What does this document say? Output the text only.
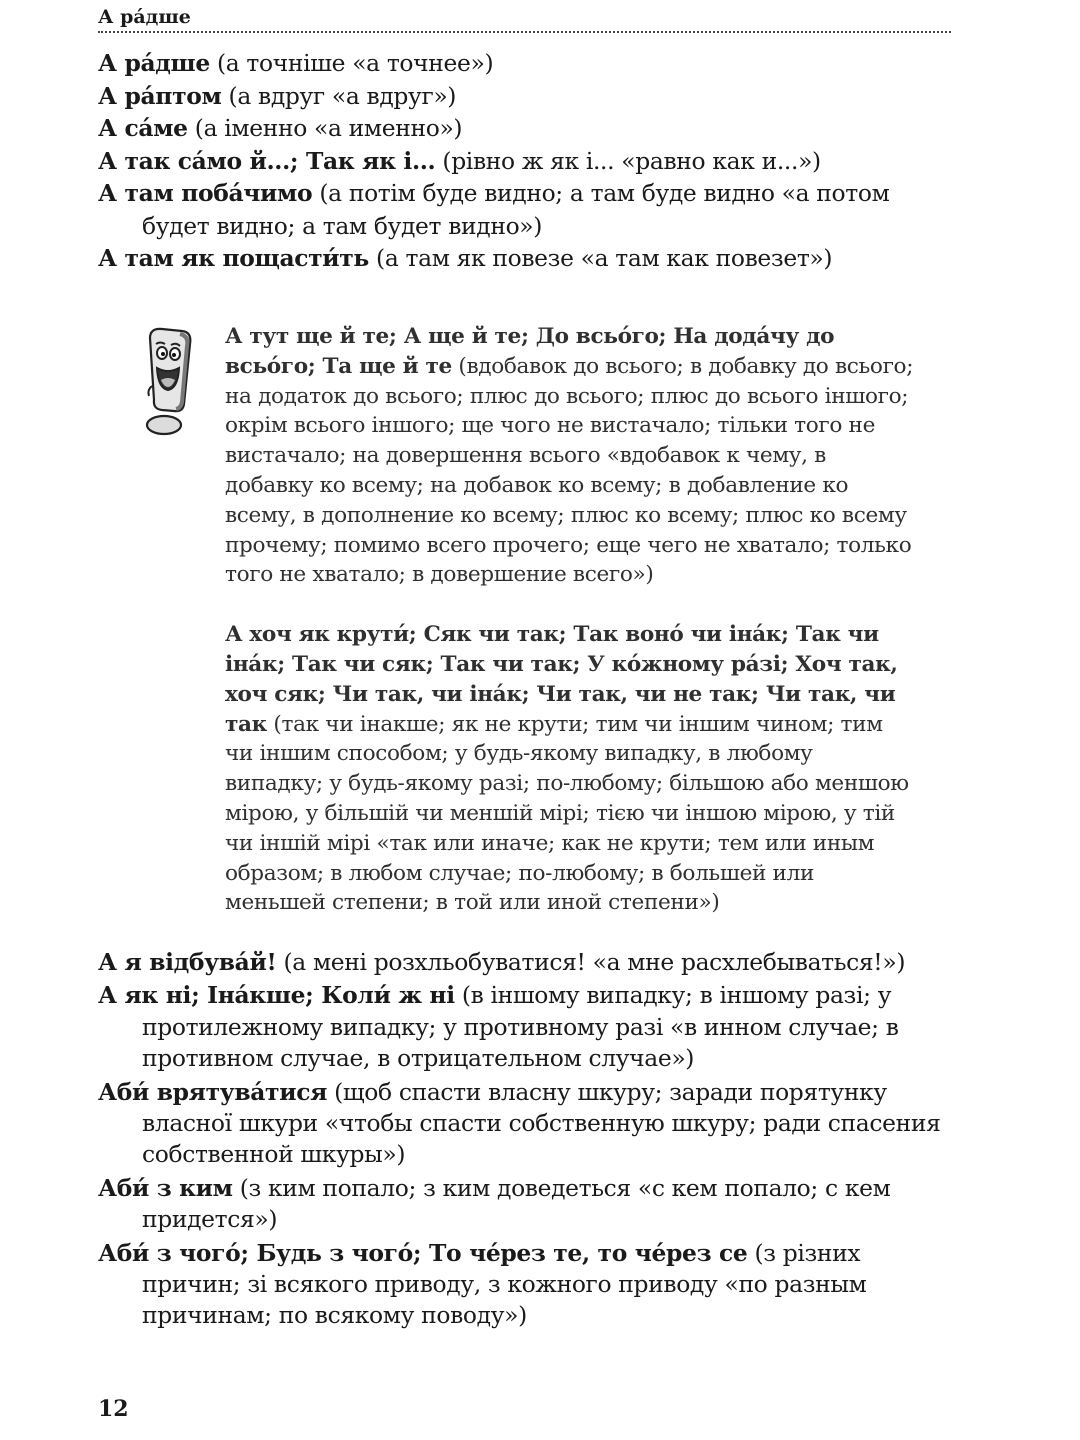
А ра́дше

А ра́дше (а точніше «а точнее»)

А ра́птом (а вдруг «а вдруг»)

А са́ме (а іменно «а именно»)

А так са́мо й...; Так як і... (рівно ж як і... «равно как и...»)

А там поба́чимо (а потім буде видно; а там буде видно «а потом будет видно; а там будет видно»)

А там як пощасти́ть (а там як повезе «а там как повезет»)

А тут ще й те; А ще й те; До всьо́го; На дода́чу до всьо́го; Та ще й те (вдобавок до всього; в добавку до всього; на додаток до всього; плюс до всього; плюс до всього іншого; окрім всього іншого; ще чого не вистачало; тільки того не вистачало; на довершення всього «вдобавок к чему, в добавку ко всему; на добавок ко всему; в добавление ко всему, в дополнение ко всему; плюс ко всему; плюс ко всему прочему; помимо всего прочего; еще чего не хватало; только того не хватало; в довершение всего»)

А хоч як крути́; Сяк чи так; Так воно́ чи іна́к; Так чи іна́к; Так чи сяк; Так чи так; У ко́жному ра́зі; Хоч так, хоч сяк; Чи так, чи іна́к; Чи так, чи не так; Чи так, чи так (так чи інакше; як не крути; тим чи іншим чином; тим чи іншим способом; у будь-якому випадку, в любому випадку; у будь-якому разі; по-любому; більшою або меншою мірою, у більшій чи меншій мірі; тією чи іншою мірою, у тій чи іншій мірі «так или иначе; как не крути; тем или иным образом; в любом случае; по-любому; в большей или меньшей степени; в той или иной степени»)

А я відбува́й! (а мені розхльобуватися! «а мне расхлебываться!»)

А як ні; Іна́кше; Коли́ ж ні (в іншому випадку; в іншому разі; у протилежному випадку; у противному разі «в инном случае; в противном случае, в отрицательном случае»)

Аби́ врятува́тися (щоб спасти власну шкуру; заради порятунку власної шкури «чтобы спасти собственную шкуру; ради спасения собственной шкуры»)

Аби́ з ким (з ким попало; з ким доведеться «с кем попало; с кем придется»)

Аби́ з чого́; Будь з чого́; То че́рез те, то че́рез се (з різних причин; зі всякого приводу, з кожного приводу «по разным причинам; по всякому поводу»)

12
